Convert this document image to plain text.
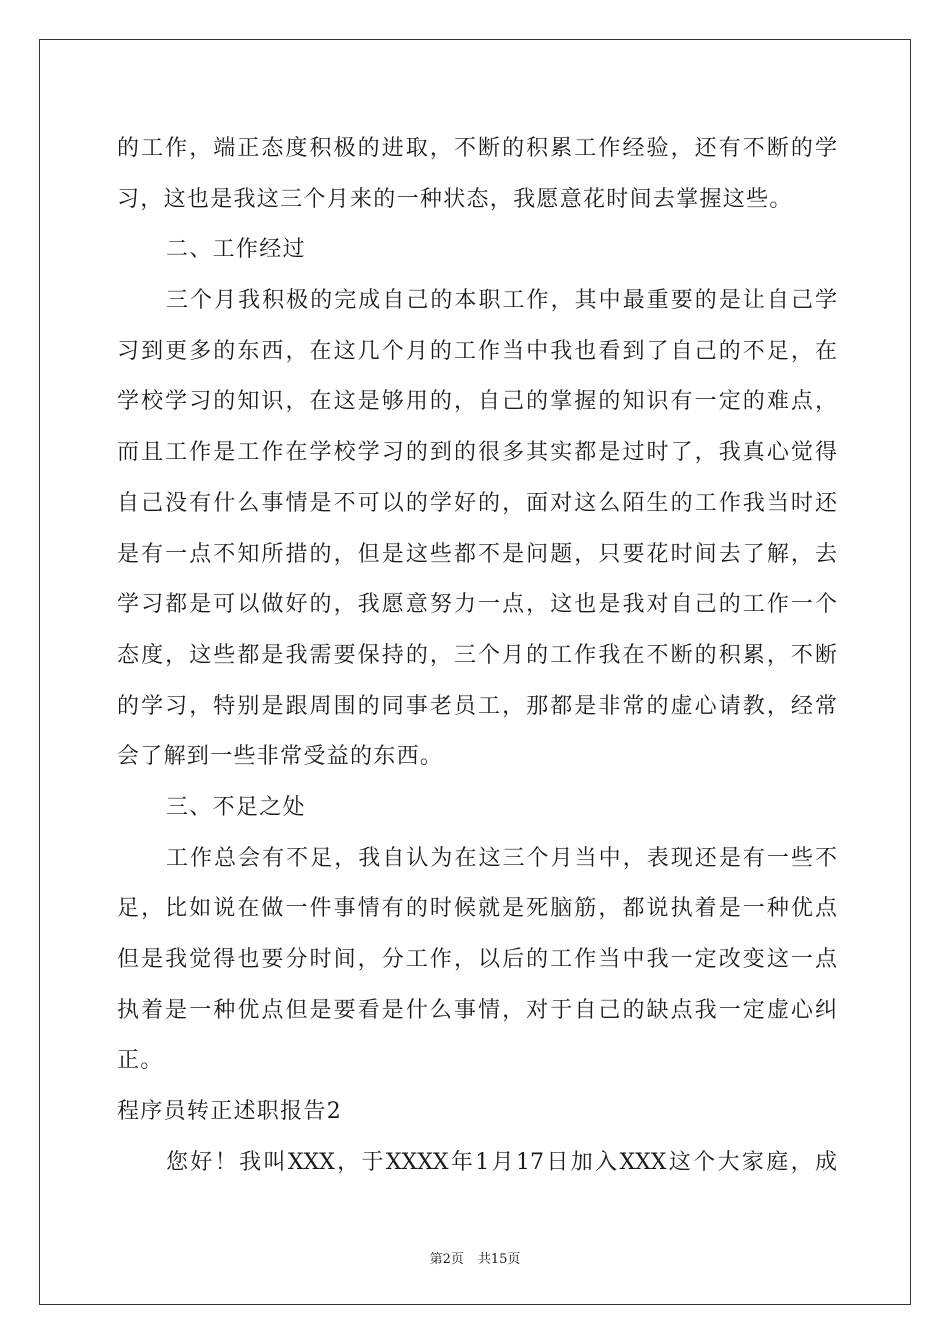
的工作，端正态度积极的进取，不断的积累工作经验，还有不断的学
习，这也是我这三个月来的一种状态，我愿意花时间去掌握这些。
二、工作经过
三个月我积极的完成自己的本职工作，其中最重要的是让自己学
习到更多的东西，在这几个月的工作当中我也看到了自己的不足，在
学校学习的知识，在这是够用的，自己的掌握的知识有一定的难点，
而且工作是工作在学校学习的到的很多其实都是过时了，我真心觉得
自己没有什么事情是不可以的学好的，面对这么陌生的工作我当时还
是有一点不知所措的，但是这些都不是问题，只要花时间去了解，去
学习都是可以做好的，我愿意努力一点，这也是我对自己的工作一个
态度，这些都是我需要保持的，三个月的工作我在不断的积累，不断
的学习，特别是跟周围的同事老员工，那都是非常的虚心请教，经常
会了解到一些非常受益的东西。
三、不足之处
工作总会有不足，我自认为在这三个月当中，表现还是有一些不
足，比如说在做一件事情有的时候就是死脑筋，都说执着是一种优点
但是我觉得也要分时间，分工作，以后的工作当中我一定改变这一点
执着是一种优点但是要看是什么事情，对于自己的缺点我一定虚心纠
正。
程序员转正述职报告2
您好！我叫XXX，于XXXX年1月17日加入XXX这个大家庭，成
第2页 共15页
